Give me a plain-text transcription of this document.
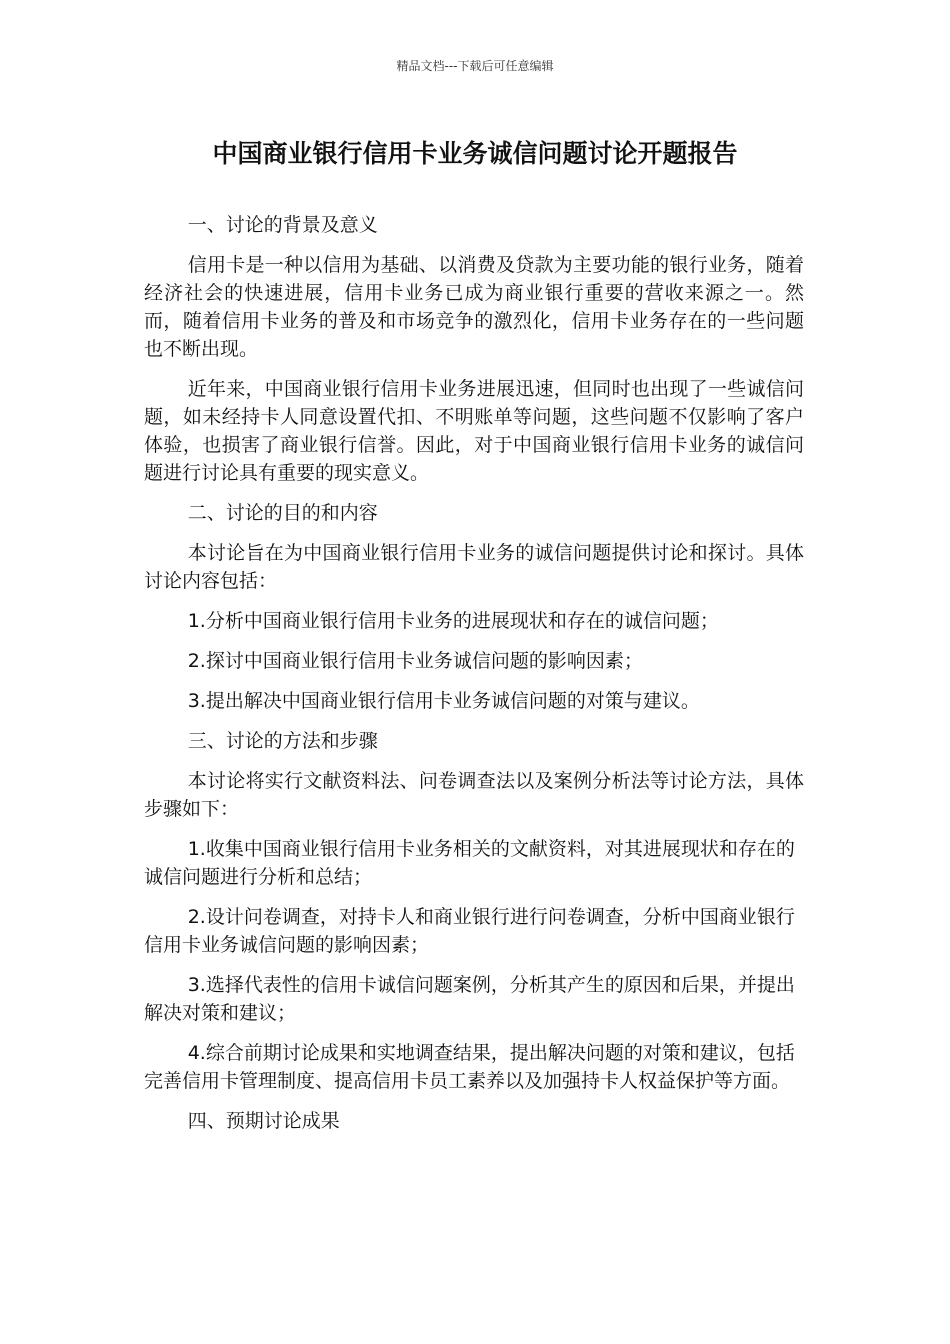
精品文档---下载后可任意编辑
中国商业银行信用卡业务诚信问题讨论开题报告

一、讨论的背景及意义

信用卡是一种以信用为基础、以消费及贷款为主要功能的银行业务，随着经济社会的快速进展，信用卡业务已成为商业银行重要的营收来源之一。然而，随着信用卡业务的普及和市场竞争的激烈化，信用卡业务存在的一些问题也不断出现。

近年来，中国商业银行信用卡业务进展迅速，但同时也出现了一些诚信问题，如未经持卡人同意设置代扣、不明账单等问题，这些问题不仅影响了客户体验，也损害了商业银行信誉。因此，对于中国商业银行信用卡业务的诚信问题进行讨论具有重要的现实意义。

二、讨论的目的和内容

本讨论旨在为中国商业银行信用卡业务的诚信问题提供讨论和探讨。具体讨论内容包括：

1.分析中国商业银行信用卡业务的进展现状和存在的诚信问题；

2.探讨中国商业银行信用卡业务诚信问题的影响因素；

3.提出解决中国商业银行信用卡业务诚信问题的对策与建议。

三、讨论的方法和步骤

本讨论将实行文献资料法、问卷调查法以及案例分析法等讨论方法，具体步骤如下：

1.收集中国商业银行信用卡业务相关的文献资料，对其进展现状和存在的诚信问题进行分析和总结；

2.设计问卷调查，对持卡人和商业银行进行问卷调查，分析中国商业银行信用卡业务诚信问题的影响因素；

3.选择代表性的信用卡诚信问题案例，分析其产生的原因和后果，并提出解决对策和建议；

4.综合前期讨论成果和实地调查结果，提出解决问题的对策和建议，包括完善信用卡管理制度、提高信用卡员工素养以及加强持卡人权益保护等方面。

四、预期讨论成果
